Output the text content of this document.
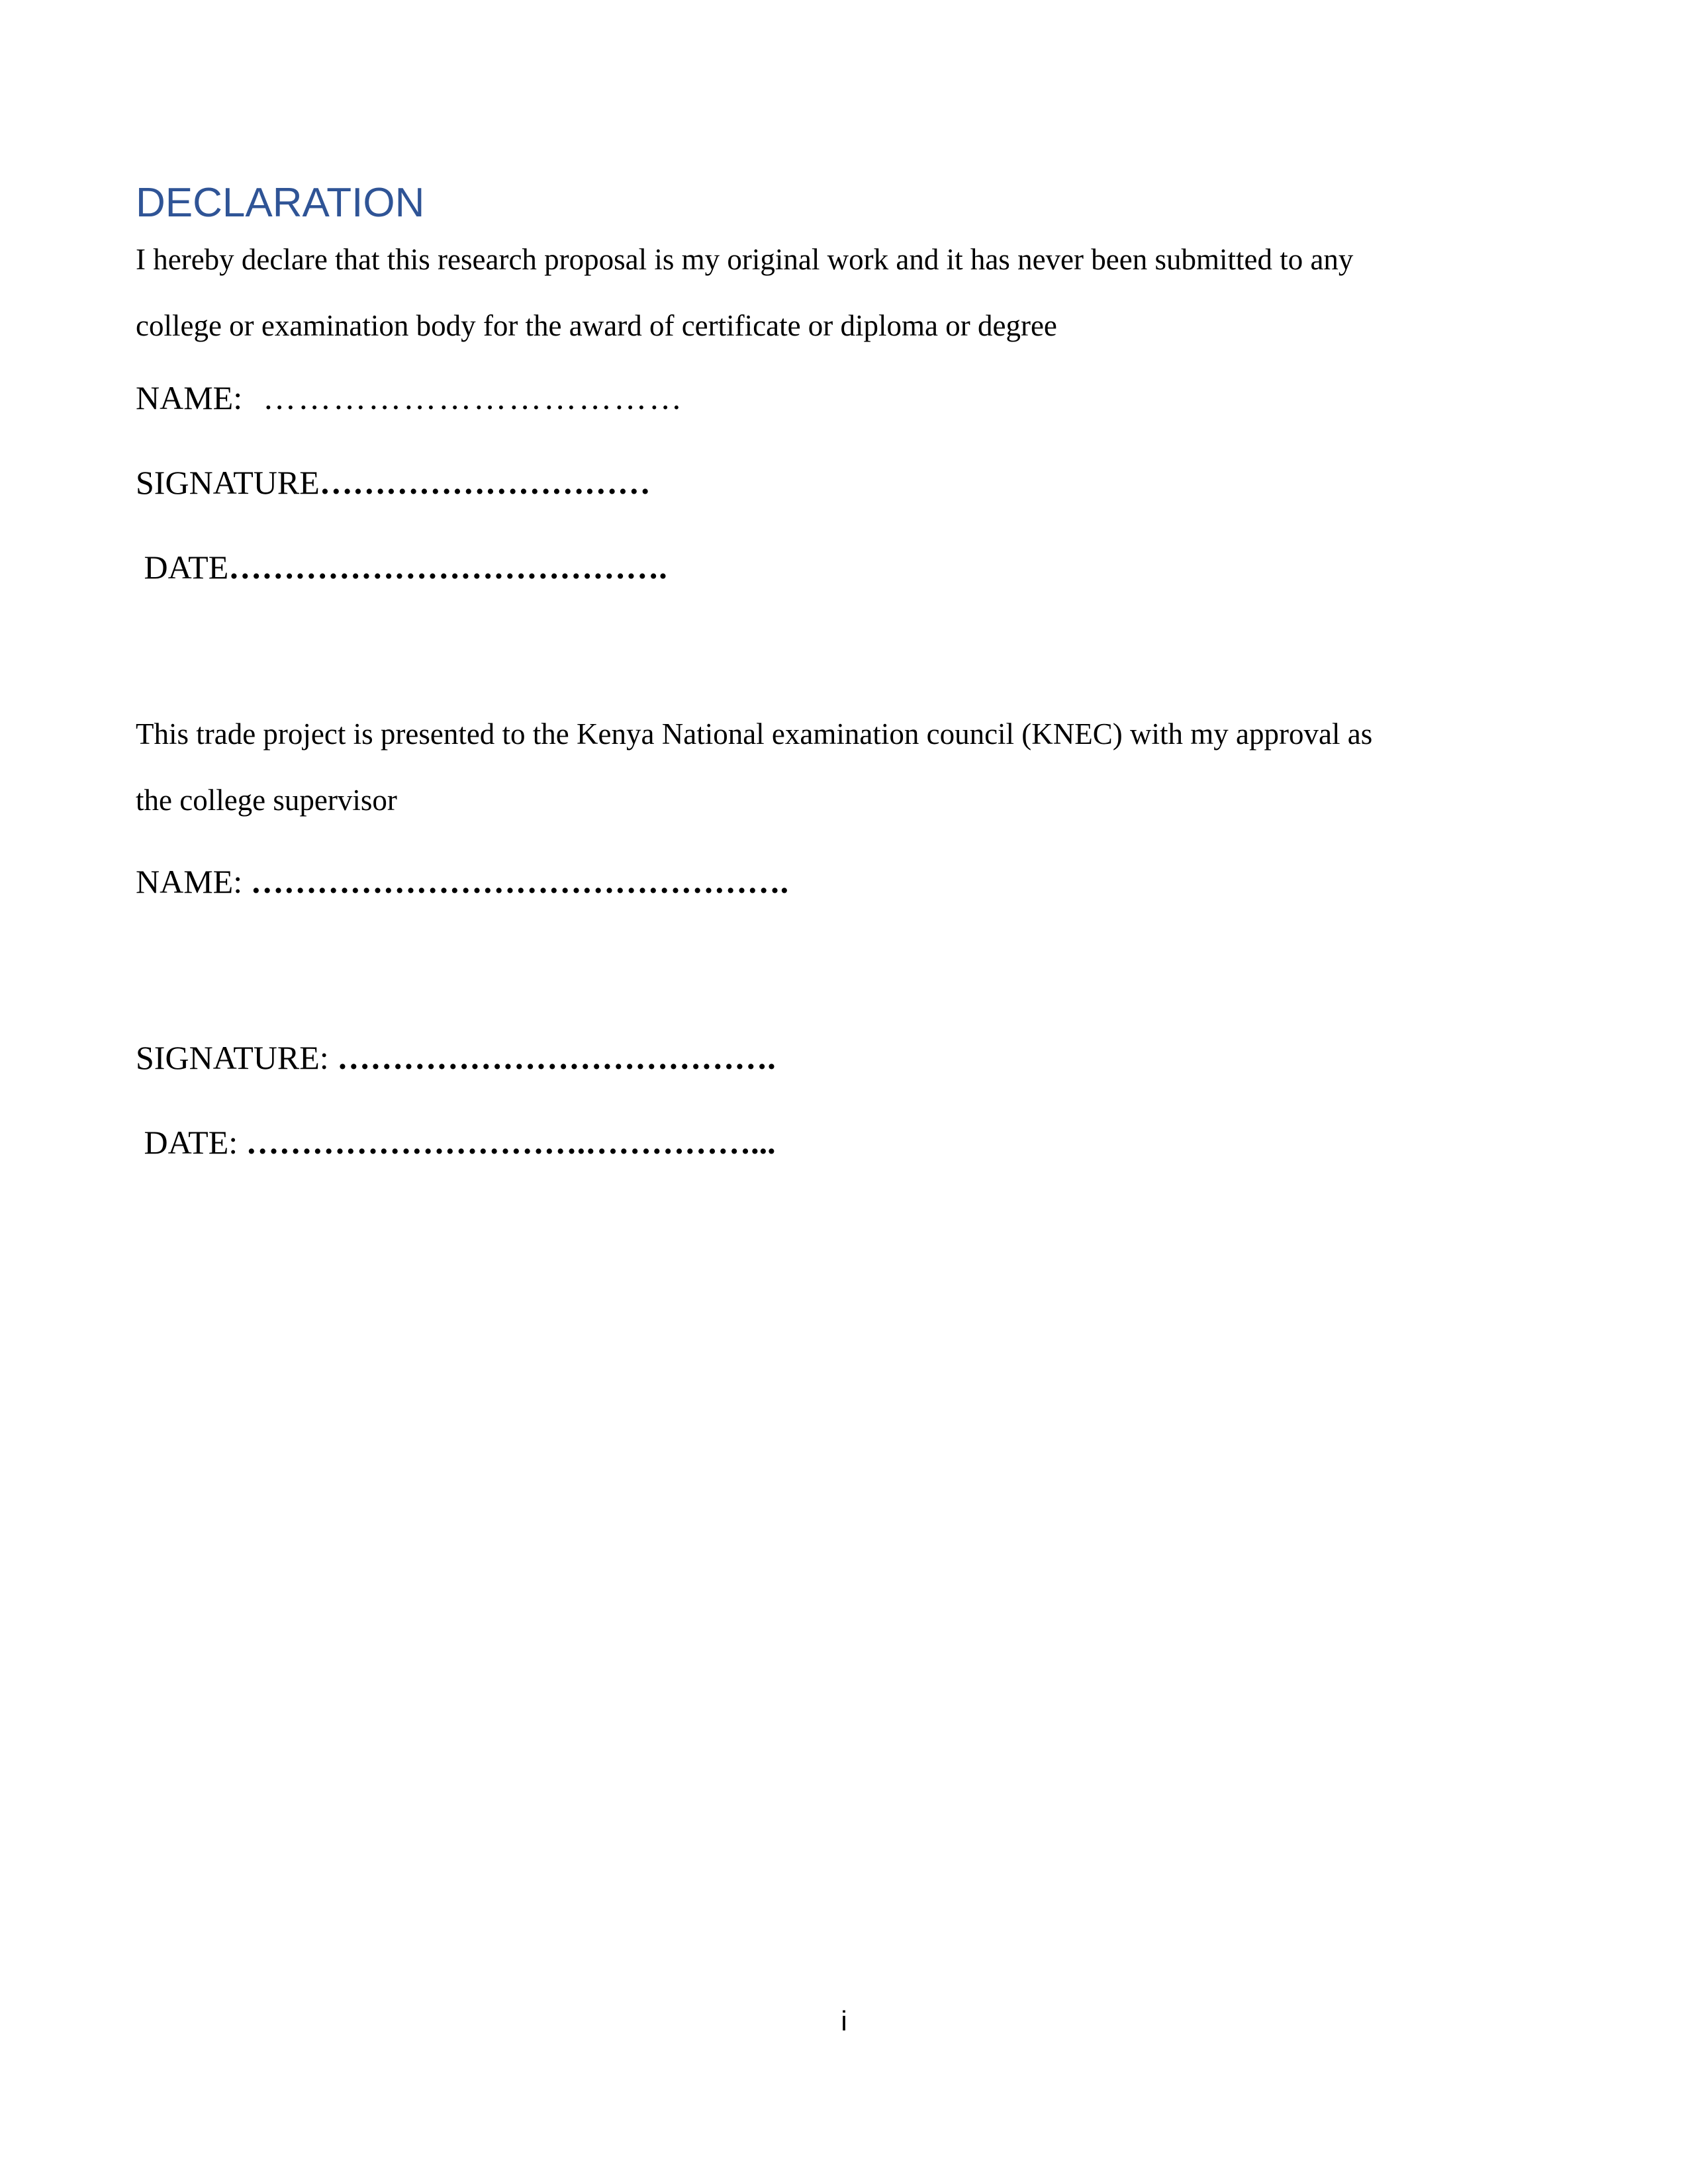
DECLARATION

I hereby declare that this research proposal is my original work and it has never been submitted to any college or examination body for the award of certificate or diploma or degree

NAME:  ………………………………
SIGNATURE…………………………
DATE………………………………….

This trade project is presented to the Kenya National examination council (KNEC) with my approval as the college supervisor

NAME: ………………………………………….
SIGNATURE: ………………………………….
DATE: ………………………….……………...
i
